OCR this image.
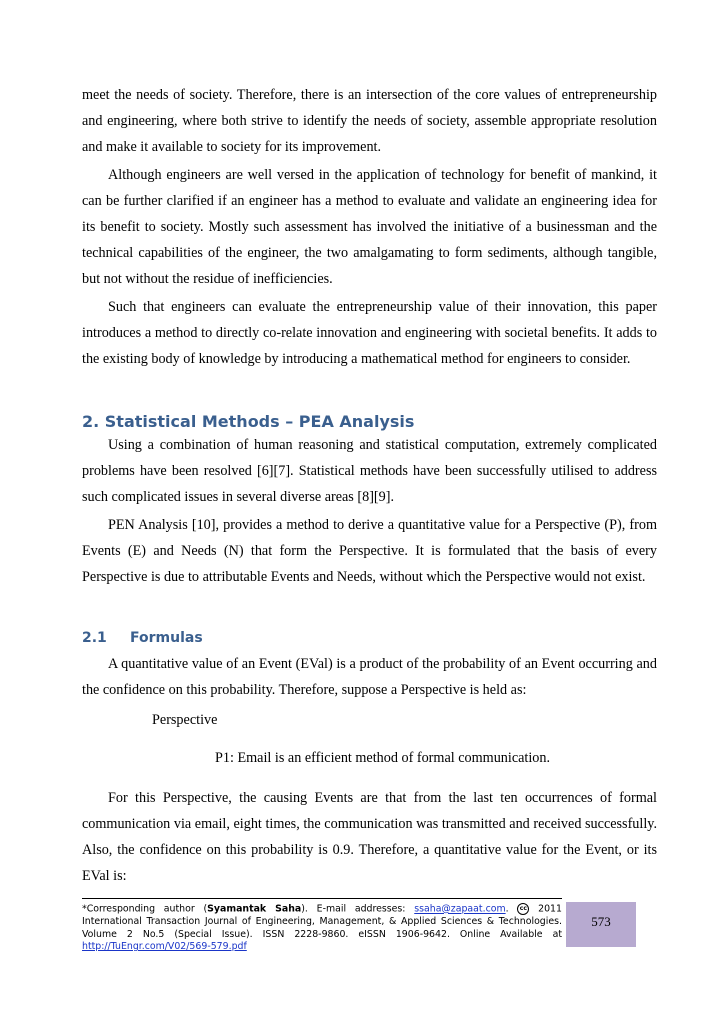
meet the needs of society. Therefore, there is an intersection of the core values of entrepreneurship and engineering, where both strive to identify the needs of society, assemble appropriate resolution and make it available to society for its improvement.

Although engineers are well versed in the application of technology for benefit of mankind, it can be further clarified if an engineer has a method to evaluate and validate an engineering idea for its benefit to society. Mostly such assessment has involved the initiative of a businessman and the technical capabilities of the engineer, the two amalgamating to form sediments, although tangible, but not without the residue of inefficiencies.

Such that engineers can evaluate the entrepreneurship value of their innovation, this paper introduces a method to directly co-relate innovation and engineering with societal benefits. It adds to the existing body of knowledge by introducing a mathematical method for engineers to consider.

2. Statistical Methods – PEA Analysis

Using a combination of human reasoning and statistical computation, extremely complicated problems have been resolved [6][7]. Statistical methods have been successfully utilised to address such complicated issues in several diverse areas [8][9].

PEN Analysis [10], provides a method to derive a quantitative value for a Perspective (P), from Events (E) and Needs (N) that form the Perspective. It is formulated that the basis of every Perspective is due to attributable Events and Needs, without which the Perspective would not exist.

2.1 Formulas

A quantitative value of an Event (EVal) is a product of the probability of an Event occurring and the confidence on this probability. Therefore, suppose a Perspective is held as:

Perspective

P1: Email is an efficient method of formal communication.

For this Perspective, the causing Events are that from the last ten occurrences of formal communication via email, eight times, the communication was transmitted and received successfully. Also, the confidence on this probability is 0.9. Therefore, a quantitative value for the Event, or its EVal is:

*Corresponding author (Syamantak Saha). E-mail addresses: ssaha@zapaat.com. cc 2011 International Transaction Journal of Engineering, Management, & Applied Sciences & Technologies. Volume 2 No.5 (Special Issue). ISSN 2228-9860. eISSN 1906-9642. Online Available at http://TuEngr.com/V02/569-579.pdf

573
